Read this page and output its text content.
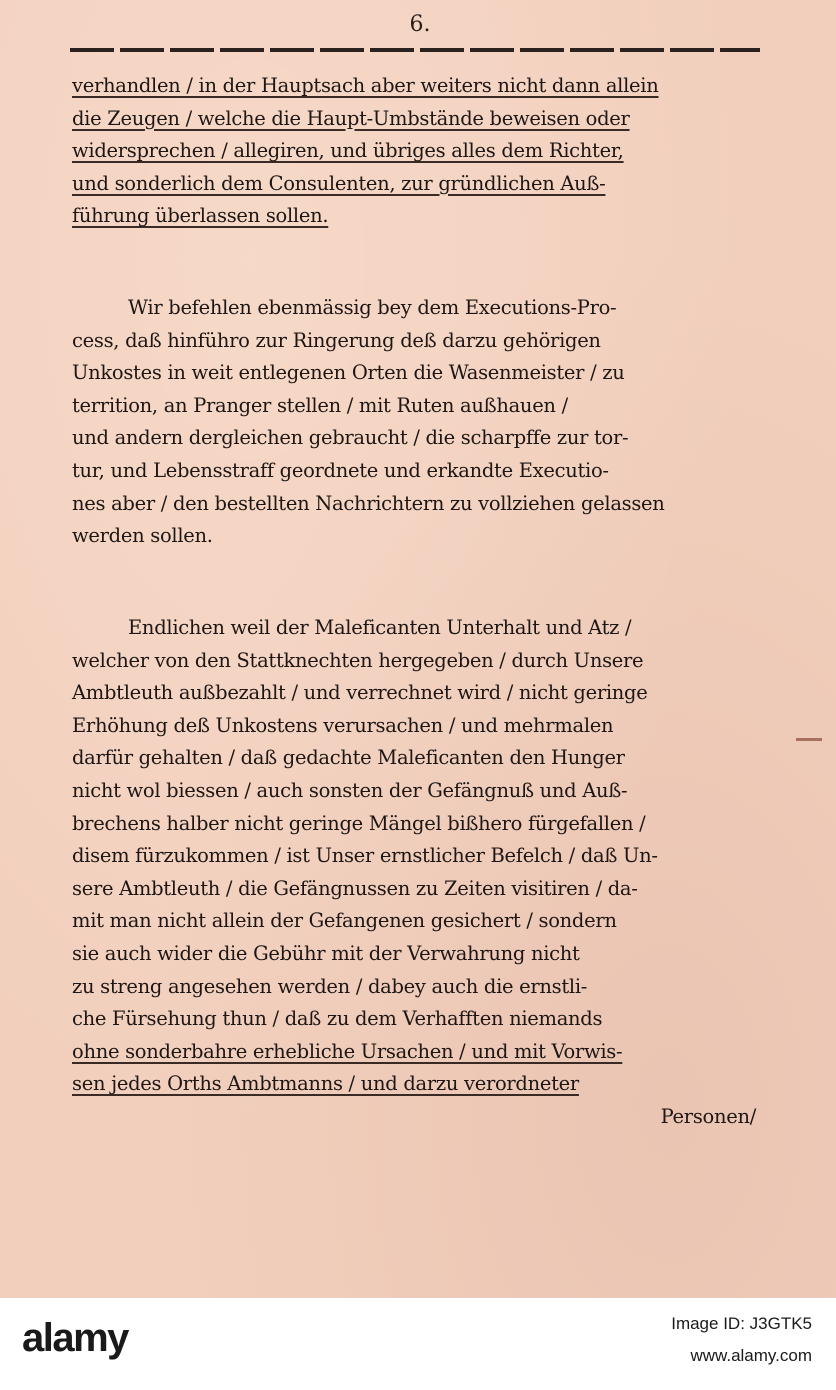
6.
verhandlen / in der Hauptsach aber weiters nicht dann allein
die Zeugen / welche die Haupt-Umbstände beweisen oder
widersprechen / allegiren, und übriges alles dem Richter,
und sonderlich dem Consulenten, zur gründlichen Auß-
führung überlassen sollen.
Wir befehlen ebenmässig bey dem Executions-Pro-
cess, daß hinführo zur Ringerung deß darzu gehörigen
Unkostes in weit entlegenen Orten die Wasenmeister / zu
territion, an Pranger stellen / mit Ruten außhauen /
und andern dergleichen gebraucht / die scharpffe zur tor-
tur, und Lebensstraff geordnete und erkandte Executio-
nes aber / den bestellten Nachrichtern zu vollziehen gelassen
werden sollen.
Endlichen weil der Maleficanten Unterhalt und Atz /
welcher von den Stattknechten hergegeben / durch Unsere
Ambtleuth außbezahlt / und verrechnet wird / nicht geringe
Erhöhung deß Unkostens verursachen / und mehrmalen
darfür gehalten / daß gedachte Maleficanten den Hunger
nicht wol biessen / auch sonsten der Gefängnuß und Auß-
brechens halber nicht geringe Mängel bißhero fürgefallen /
disem fürzukommen / ist Unser ernstlicher Befelch / daß Un-
sere Ambtleuth / die Gefängnussen zu Zeiten visitiren / da-
mit man nicht allein der Gefangenen gesichert / sondern
sie auch wider die Gebühr mit der Verwahrung nicht
zu streng angesehen werden / dabey auch die ernstli-
che Fürsehung thun / daß zu dem Verhafften niemands
ohne sonderbahre erhebliche Ursachen / und mit Vorwis-
sen jedes Orths Ambtmanns / und darzu verordneter
Personen/
alamy	Image ID: J3GTK5
www.alamy.com
